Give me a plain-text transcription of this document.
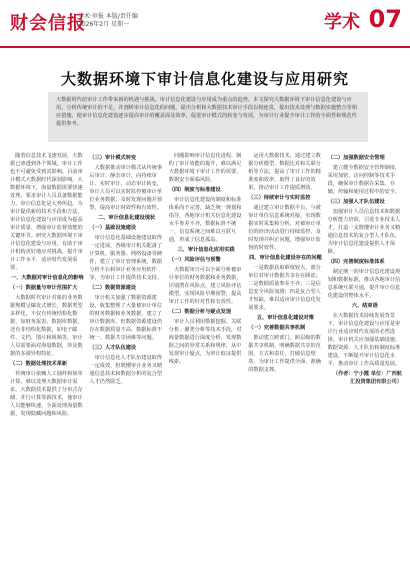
财会信报
学术·审报 本版/责任编
2026年2月 星期一	学术 07
大数据环境下审计信息化建设与应用研究
大数据时代给审计工作带来新的机遇与挑战。审计信息化建设与应用成为重点的趋势，本文探究大数据环境下审计信息化建设与应用，分析传统审计的不足，并剖析审计信息化的问题，提出分析和大数据技术审计手段以相连贯，提出技术处理与数据实施整合等相应措施，使审计信息化建设逐步提高审计的覆盖面及效率，促进审计模式的转变与发展，为审计行业提升审计工作的全面性和规范性提供参考。

随着信息技术飞速发展，大数据已渗透到各个领域，审计工作也不可避免受到其影响。目前审计模式大数据时代深刻影响，大数据环境下，海量数据需要快速处理，要求审计人员具备数据能力，审计信息化是大势所趋。为审计提供新的技术手段和方法，审计信息化建设与应用成为提高审计质量、增强审计监督效能的关键环节。研究大数据环境下审计信息化建设与应用，有助于审计机构更好地应对挑战，提升审计工作水平，适应时代发展需要。

一、大数据对审计信息化的影响

（一）数据量与审计范围扩大

大数据时代审计对象的业务数据规模呈爆发式增长，数据类型多样化。不仅有传统结构化数据，如财务报表、数据库数据，还有非结构化数据，如电子邮件、文档、图片和视频等。审计人员需要面对海量数据，涉及数据的多源异构特征。

（二）数据处理技术革新

传统审计依赖人工抽样和简单计算，难以处理大数据审计需求。大数据技术提供了分布式存储、并行计算等新技术，使审计人员能够快速、全面处理海量数据，发现隐藏问题和风险。

（三）审计模式转变

大数据推动审计模式从传统事后审计、静态审计，向持续审计、实时审计、动态审计转变，审计人员可以实时监控被审计单位业务数据，及时发现问题并预警，提高审计时效性和有效性。

二、审计信息化建设现状

（一）基础设施建设

审计信息化基础设施建设取得一定进展，各级审计机关配备了计算机、服务器、网络设备等硬件，建立了审计管理系统、数据分析平台和审计业务应用软件等，为审计工作提供技术支持。

（二）数据资源建设

审计机关加强了数据资源建设，收集整理了大量被审计单位的财务数据和业务数据，建立了审计数据库。但数据资源建设仍存在数据质量不高、数据标准不统一、数据共享困难等问题。

（三）人才队伍建设

审计信息化人才队伍建设取得一定成效，但既懂审计业务又精通信息技术和数据分析的复合型人才仍然匮乏。

问题影响审计信息化进程，制约了审计效能的提升，难以满足大数据环境下审计工作的需要，数据安全面临风险。

（四）制度与标准建设

审计信息化建设的制度和标准体系尚不完善，缺乏统一规划和指导，各地审计机关信息化建设水平参差不齐，数据标准不统一，信息系统之间难以互联互通，形成了信息孤岛。

三、审计信息化应用实践

（一）风险评估与预警

大数据审计可以全面分析被审计单位的财务数据和业务数据，识别潜在风险点，建立风险评估模型，实现风险早期预警，提高审计工作的针对性和有效性。

（二）数据分析与疑点发现

审计人员利用数据挖掘、关联分析、聚类分析等技术手段，对海量数据进行深度分析，发现数据之间的异常关系和规律，从中发现审计疑点，为审计取证提供线索。

运用大数据技术，通过建立数据分析模型、数据比对和关联分析等方法，提高了审计工作的精准度和效率，取得了良好的效果，推动审计工作提质增效。

（三）持续审计与实时监控

通过建立审计数据平台，与被审计单位信息系统对接，实现数据实时采集和分析，对被审计单位的经济活动进行持续监控，及时发现并纠正问题，增强审计监督的时效性。

四、审计信息化建设存在的问题

一是数据获取难度较大，部分单位对审计数据共享存在顾虑；二是数据质量参差不齐；三是信息安全风险加剧；四是复合型人才短缺，难以适应审计信息化发展要求。

五、审计信息化建设对策

（一）完善数据共享机制

推动建立跨部门、跨层级的数据共享机制，明确数据共享的范围、方式和责任，打破信息壁垒，为审计工作提供全面、准确的数据支撑。

（二）加强数据安全管理

建立健全数据安全管理制度，采用加密、访问控制等技术手段，确保审计数据在采集、存储、传输和使用过程中的安全。

（三）加强人才队伍建设

加强审计人员信息技术和数据分析能力培训，引进专业技术人才，打造一支既懂审计业务又精通信息技术的复合型人才队伍，为审计信息化建设提供人才保障。

（四）完善制度标准体系

制定统一的审计信息化建设规划和数据标准，推动各地审计信息系统互联互通，提升审计信息化建设的整体水平。

六、结束语

在大数据技术持续发展背景下，审计信息化建设与应用是审计行业适应时代发展的必然选择。审计机关应加强基础设施、数据资源、人才队伍和制度标准建设，不断提升审计信息化水平，推动审计工作高质量发展。

（作者：宁小霞 单位：广西航汇投资集团有限公司）
